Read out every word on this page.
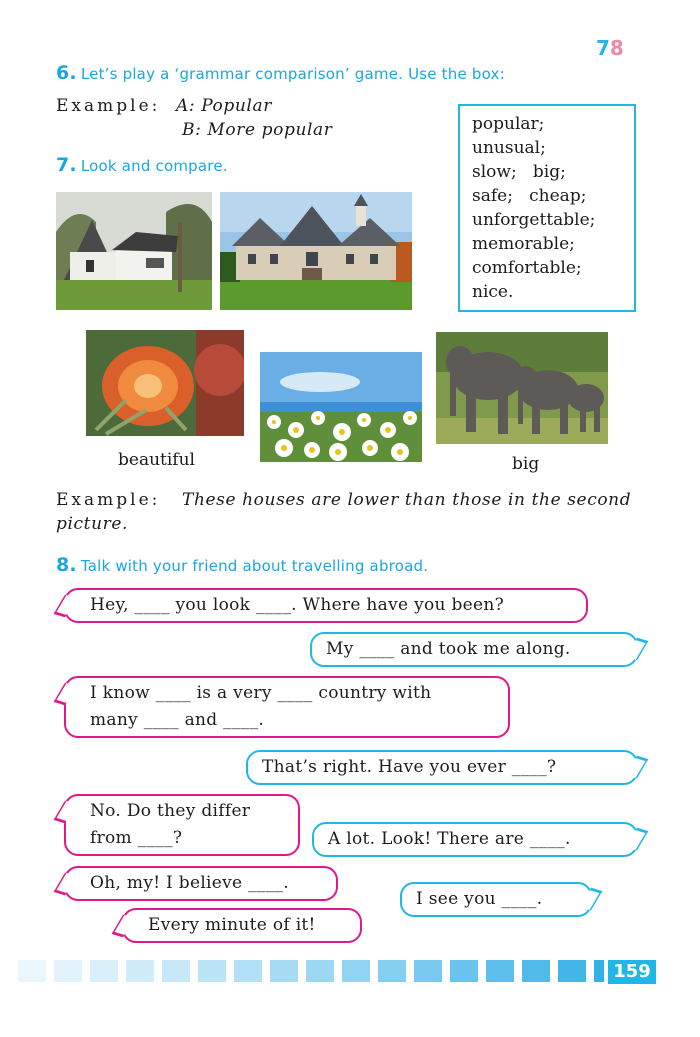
78
6. Let’s play a ‘grammar comparison’ game. Use the box:
Example: A: Popular
B: More popular	popular;
unusual;
slow;   big;
safe;   cheap;
unforgettable;
memorable;
comfortable;
nice.
7. Look and compare.
beautiful	big
Example: These houses are lower than those in the second
picture.
8. Talk with your friend about travelling abroad.
Hey, ____ you look ____. Where have you been?
My ____ and took me along.
I know ____ is a very ____ country with
many ____ and ____.
That’s right. Have you ever ____?
No. Do they differ
from ____?	A lot. Look! There are ____.
Oh, my! I believe ____.
I see you ____.
Every minute of it!
159
